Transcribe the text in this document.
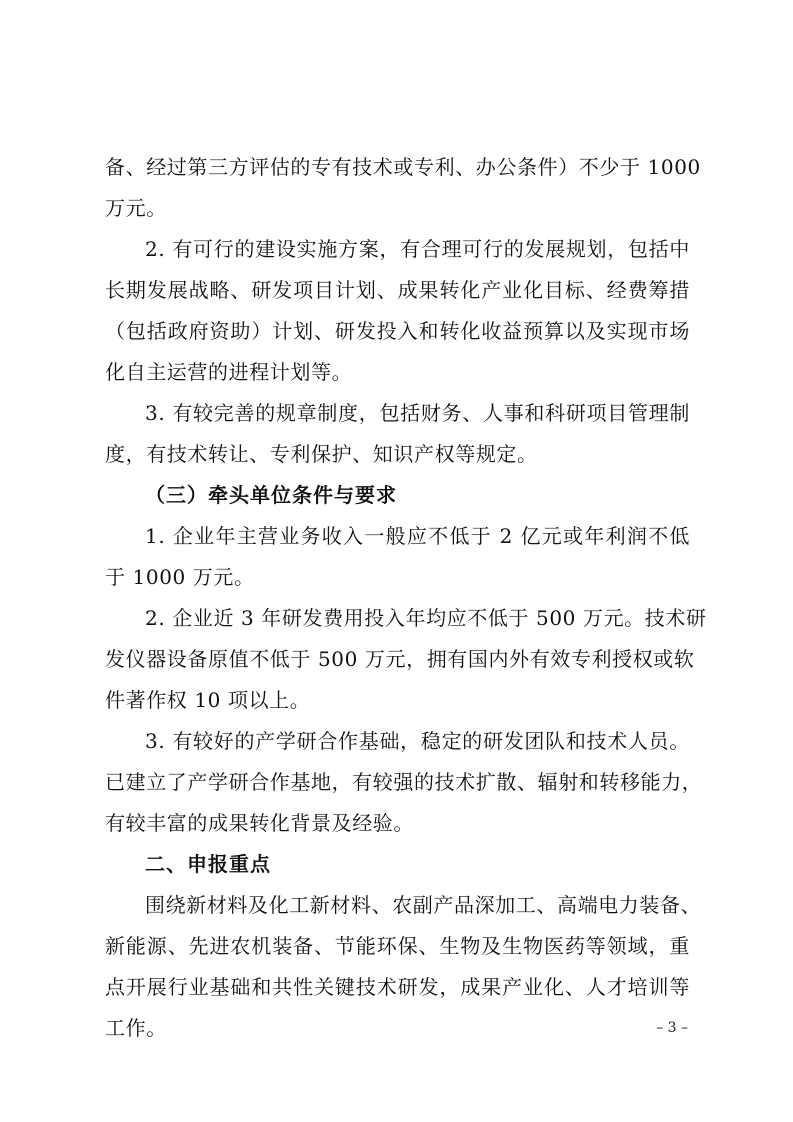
备、经过第三方评估的专有技术或专利、办公条件）不少于 1000
万元。
2. 有可行的建设实施方案，有合理可行的发展规划，包括中
长期发展战略、研发项目计划、成果转化产业化目标、经费筹措
（包括政府资助）计划、研发投入和转化收益预算以及实现市场
化自主运营的进程计划等。
3. 有较完善的规章制度，包括财务、人事和科研项目管理制
度，有技术转让、专利保护、知识产权等规定。
（三）牵头单位条件与要求
1. 企业年主营业务收入一般应不低于 2 亿元或年利润不低
于 1000 万元。
2. 企业近 3 年研发费用投入年均应不低于 500 万元。技术研
发仪器设备原值不低于 500 万元，拥有国内外有效专利授权或软
件著作权 10 项以上。
3. 有较好的产学研合作基础，稳定的研发团队和技术人员。
已建立了产学研合作基地，有较强的技术扩散、辐射和转移能力，
有较丰富的成果转化背景及经验。
二、申报重点
围绕新材料及化工新材料、农副产品深加工、高端电力装备、
新能源、先进农机装备、节能环保、生物及生物医药等领域，重
点开展行业基础和共性关键技术研发，成果产业化、人才培训等
工作。	– 3 –
